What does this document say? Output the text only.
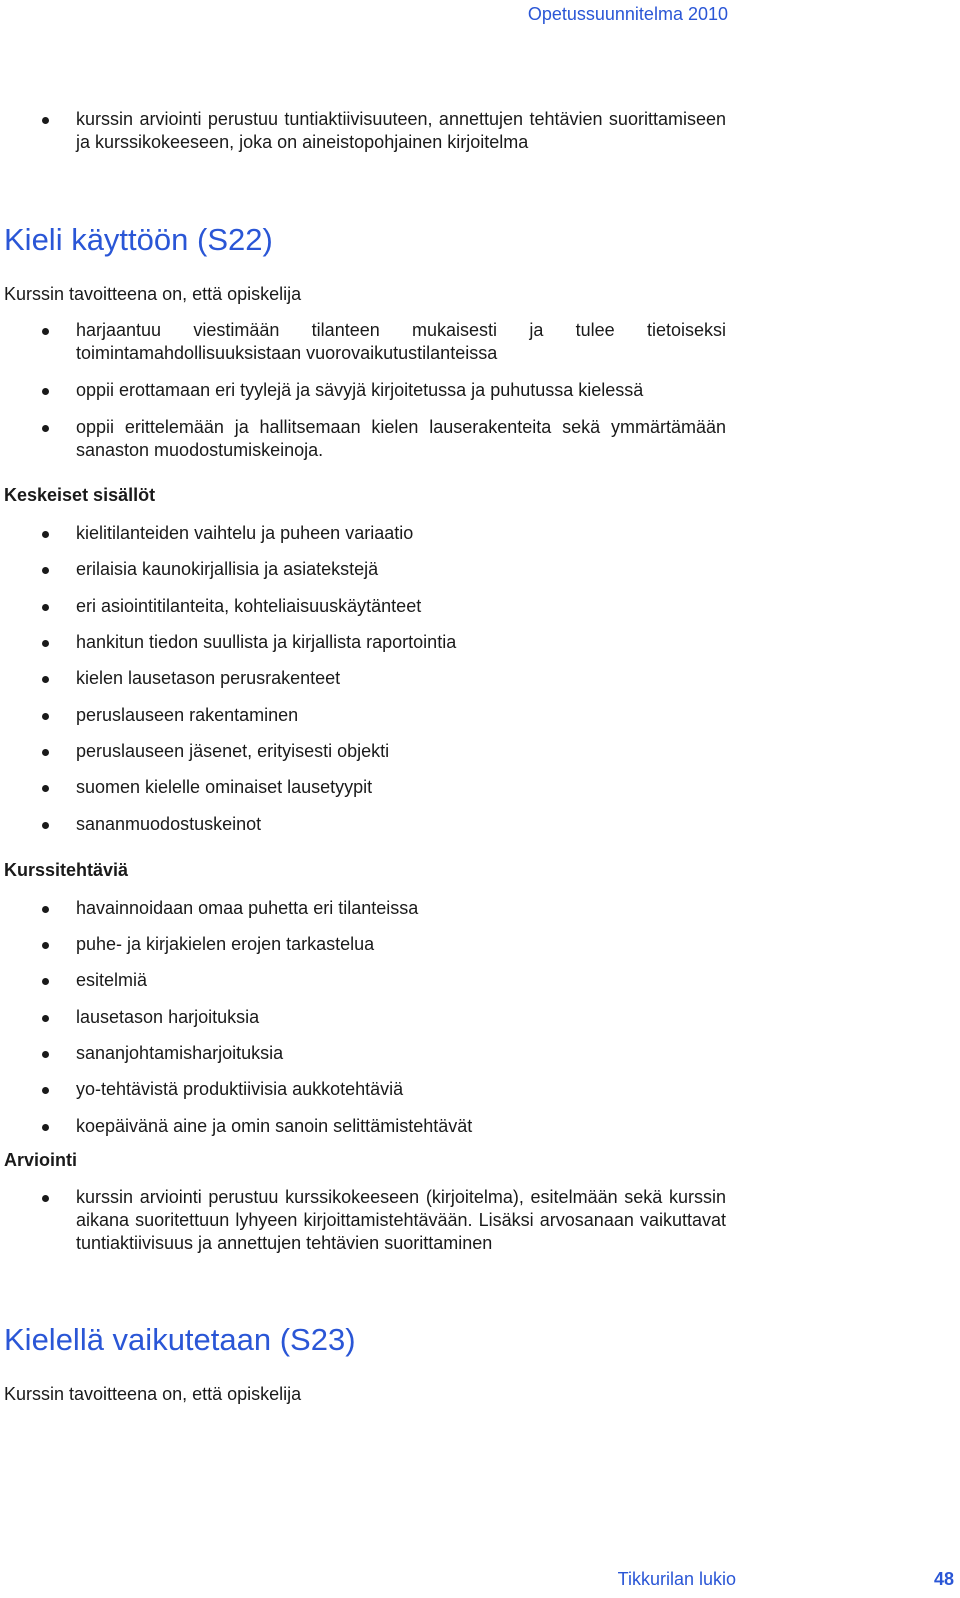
Opetussuunnitelma 2010
kurssin arviointi perustuu tuntiaktiivisuuteen, annettujen tehtävien suorittamiseen ja kurssikokeeseen, joka on aineistopohjainen kirjoitelma
Kieli käyttöön (S22)
Kurssin tavoitteena on, että opiskelija
harjaantuu viestimään tilanteen mukaisesti ja tulee tietoiseksi toimintamahdollisuuksistaan vuorovaikutustilanteissa
oppii erottamaan eri tyylejä ja sävyjä kirjoitetussa ja puhutussa kielessä
oppii erittelemään ja hallitsemaan kielen lauserakenteita sekä ymmärtämään sanaston muodostumiskeinoja.
Keskeiset sisällöt
kielitilanteiden vaihtelu ja puheen variaatio
erilaisia kaunokirjallisia ja asiatekstejä
eri asiointitilanteita, kohteliaisuuskäytänteet
hankitun tiedon suullista ja kirjallista raportointia
kielen lausetason perusrakenteet
peruslauseen rakentaminen
peruslauseen jäsenet, erityisesti objekti
suomen kielelle ominaiset lausetyypit
sananmuodostuskeinot
Kurssitehtäviä
havainnoidaan omaa puhetta eri tilanteissa
puhe- ja kirjakielen erojen tarkastelua
esitelmiä
lausetason harjoituksia
sananjohtamisharjoituksia
yo-tehtävistä produktiivisia aukkotehtäviä
koepäivänä aine ja omin sanoin selittämistehtävät
Arviointi
kurssin arviointi perustuu kurssikokeeseen (kirjoitelma), esitelmään sekä kurssin aikana suoritettuun lyhyeen kirjoittamistehtävään. Lisäksi arvosanaan vaikuttavat tuntiaktiivisuus ja annettujen tehtävien suorittaminen
Kielellä vaikutetaan (S23)
Kurssin tavoitteena on, että opiskelija
Tikkurilan lukio	48
